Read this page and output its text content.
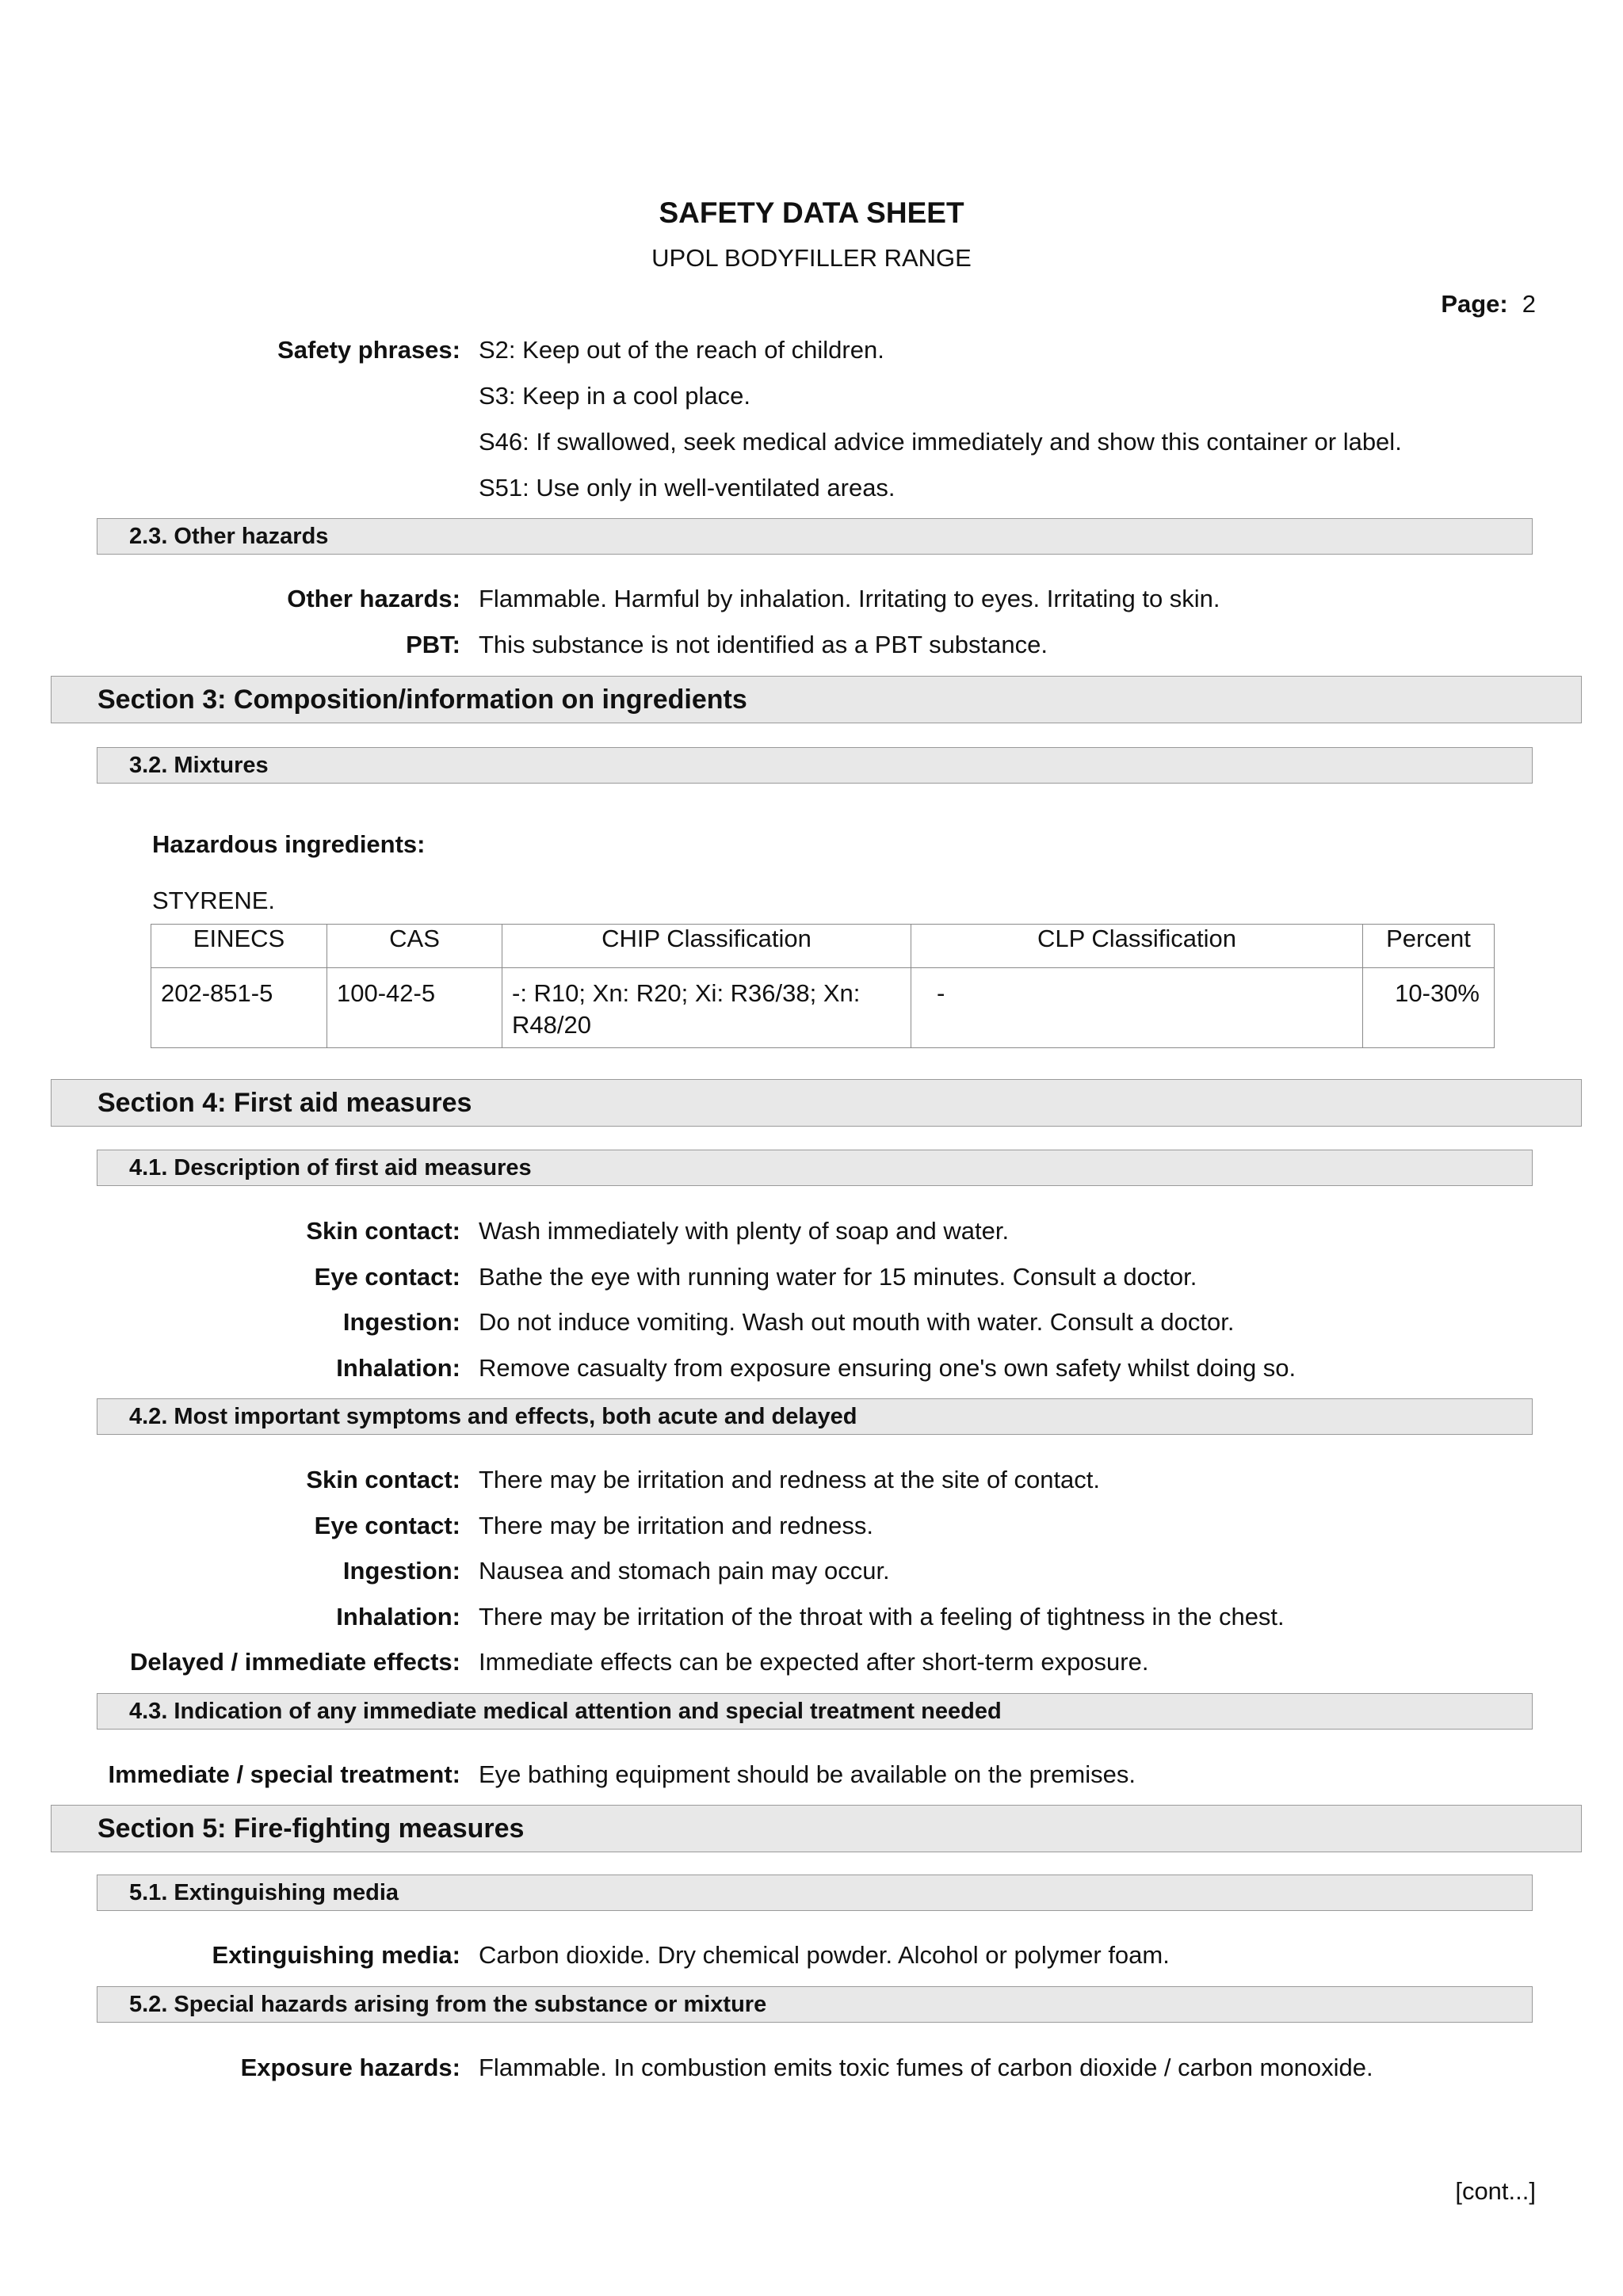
SAFETY DATA SHEET
UPOL BODYFILLER RANGE
Page: 2
Safety phrases: S2: Keep out of the reach of children.
S3: Keep in a cool place.
S46: If swallowed, seek medical advice immediately and show this container or label.
S51: Use only in well-ventilated areas.
2.3. Other hazards
Other hazards: Flammable. Harmful by inhalation. Irritating to eyes. Irritating to skin.
PBT: This substance is not identified as a PBT substance.
Section 3: Composition/information on ingredients
3.2. Mixtures
Hazardous ingredients:
STYRENE.
EINECS	CAS	CHIP Classification	CLP Classification	Percent
202-851-5	100-42-5	-: R10; Xn: R20; Xi: R36/38; Xn: R48/20	-	10-30%
Section 4: First aid measures
4.1. Description of first aid measures
Skin contact: Wash immediately with plenty of soap and water.
Eye contact: Bathe the eye with running water for 15 minutes. Consult a doctor.
Ingestion: Do not induce vomiting. Wash out mouth with water. Consult a doctor.
Inhalation: Remove casualty from exposure ensuring one's own safety whilst doing so.
4.2. Most important symptoms and effects, both acute and delayed
Skin contact: There may be irritation and redness at the site of contact.
Eye contact: There may be irritation and redness.
Ingestion: Nausea and stomach pain may occur.
Inhalation: There may be irritation of the throat with a feeling of tightness in the chest.
Delayed / immediate effects: Immediate effects can be expected after short-term exposure.
4.3. Indication of any immediate medical attention and special treatment needed
Immediate / special treatment: Eye bathing equipment should be available on the premises.
Section 5: Fire-fighting measures
5.1. Extinguishing media
Extinguishing media: Carbon dioxide. Dry chemical powder. Alcohol or polymer foam.
5.2. Special hazards arising from the substance or mixture
Exposure hazards: Flammable. In combustion emits toxic fumes of carbon dioxide / carbon monoxide.
[cont...]
